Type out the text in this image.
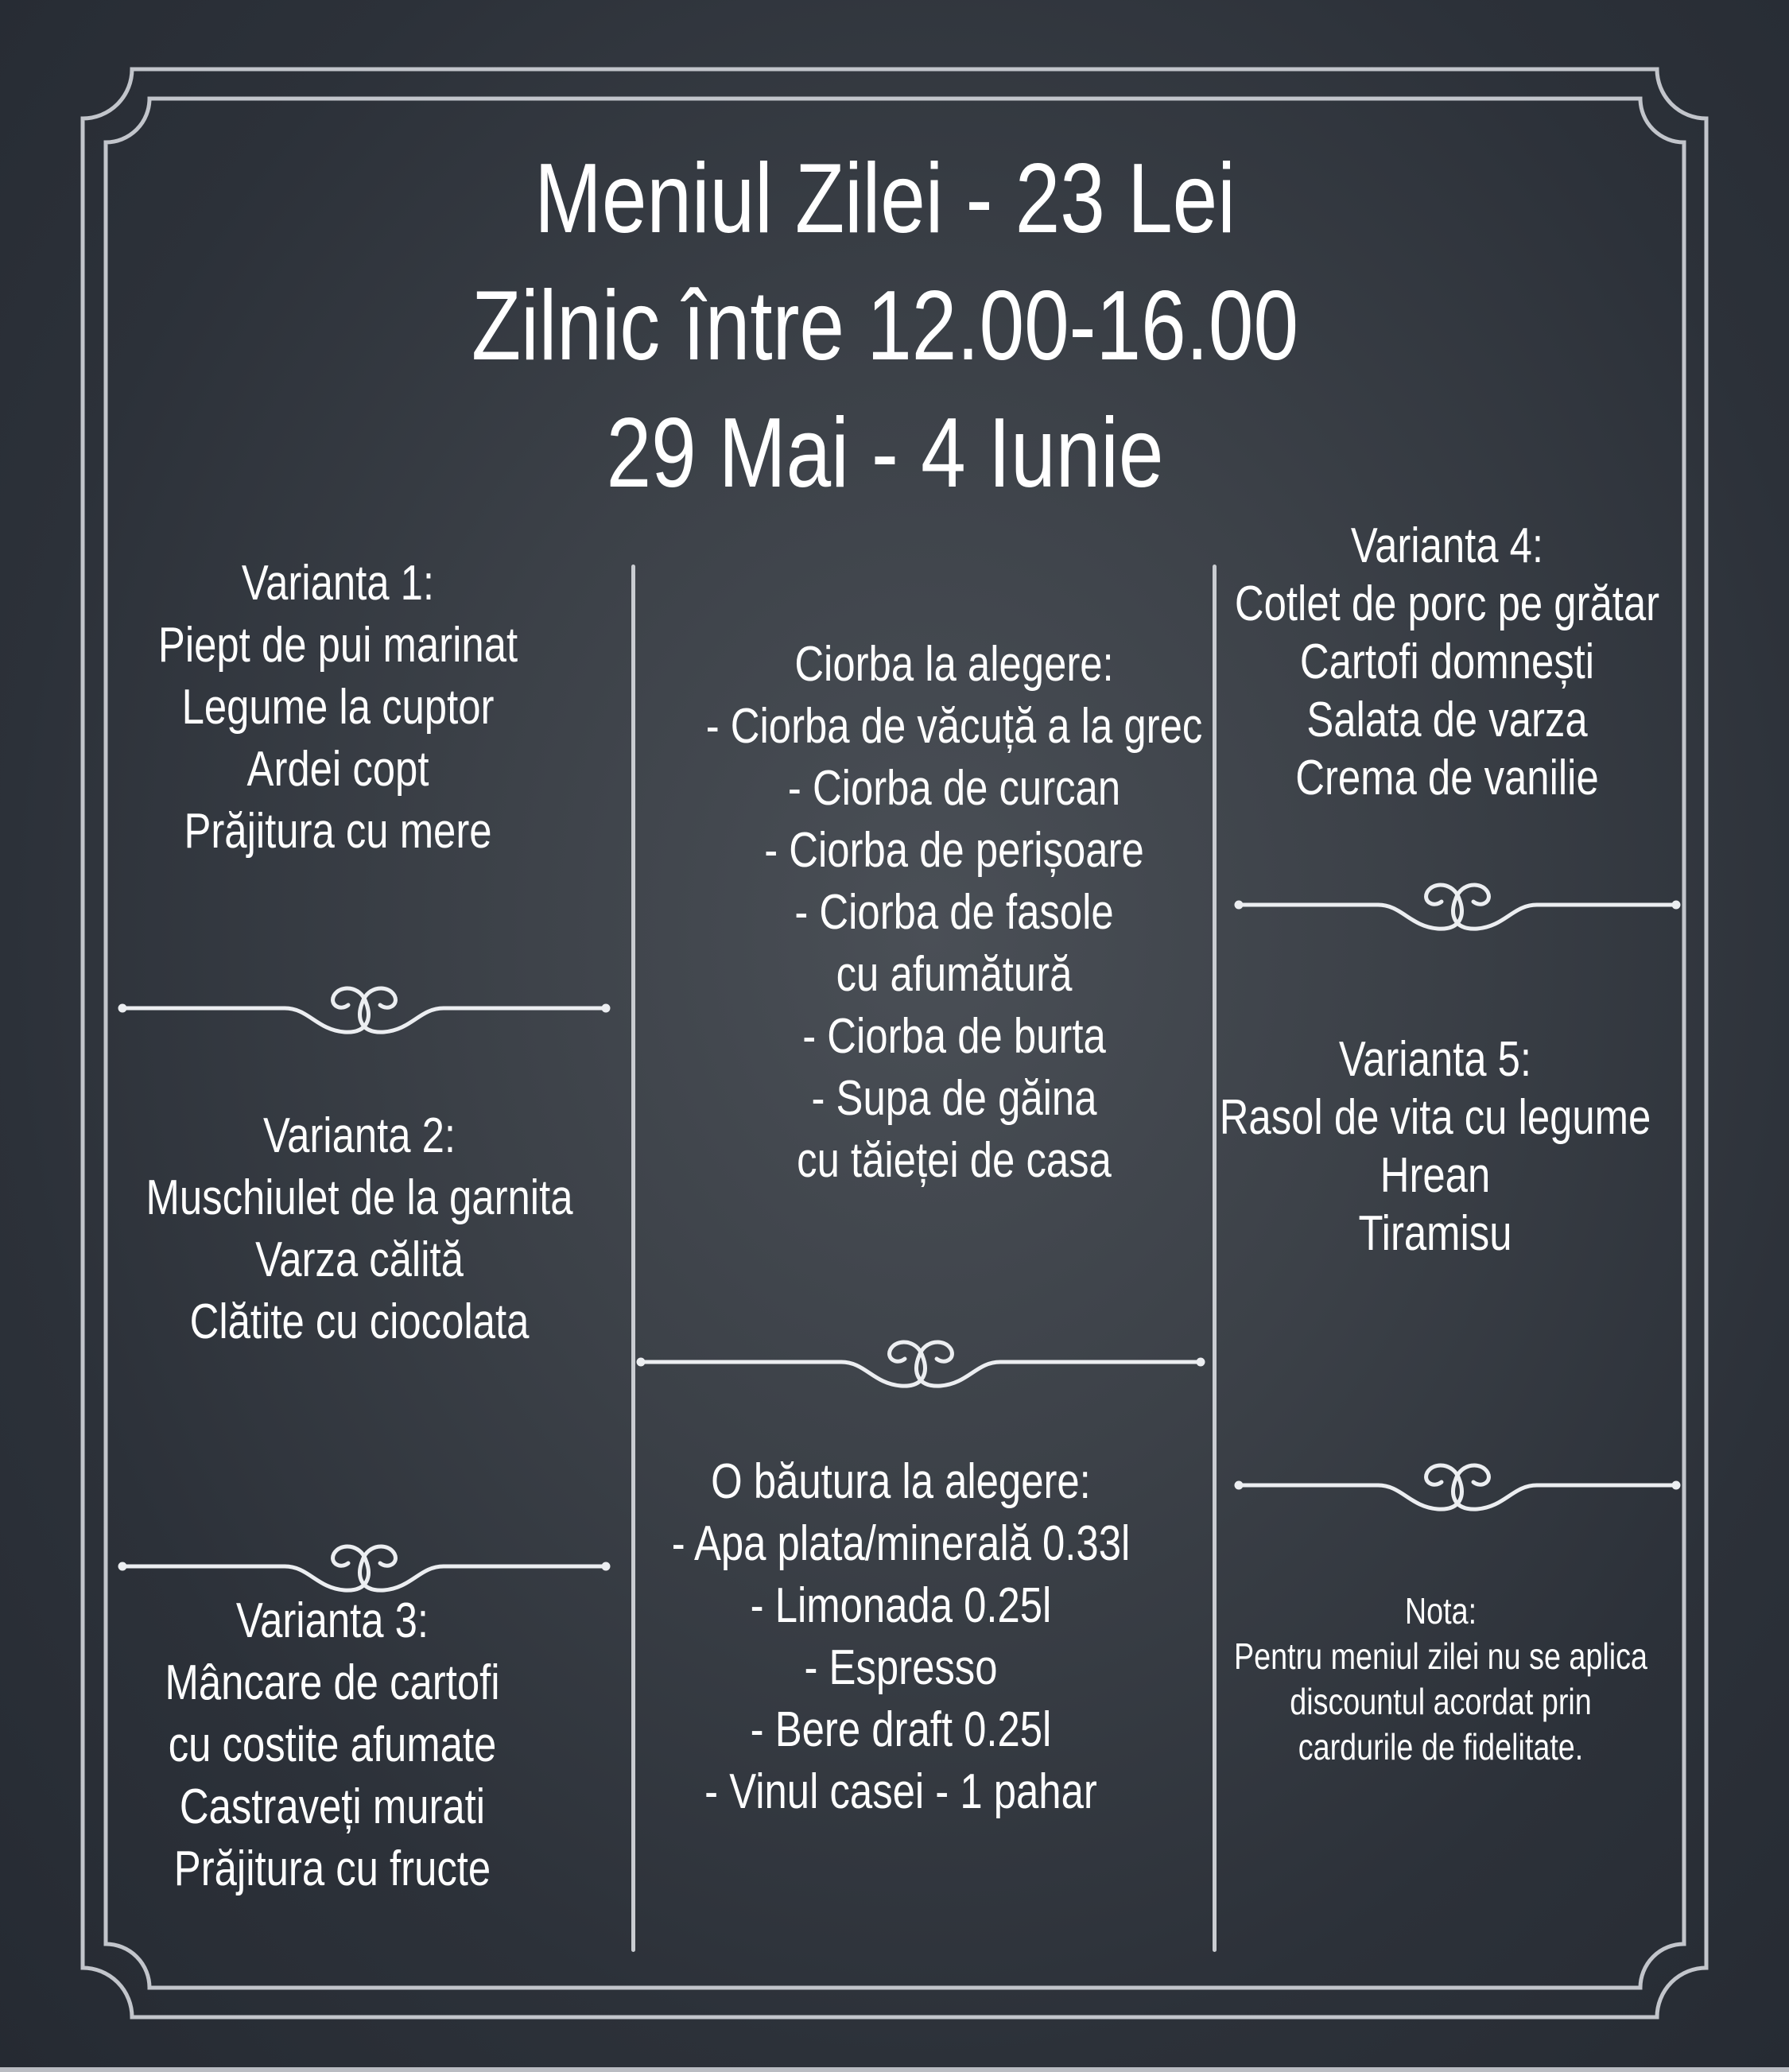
Meniul Zilei - 23 Lei
Zilnic între 12.00-16.00
29 Mai - 4 Iunie
Varianta 1:
Piept de pui marinat
Legume la cuptor
Ardei copt
Prăjitura cu mere
Varianta 2:
Muschiulet de la garnita
Varza călită
Clătite cu ciocolata
Varianta 3:
Mâncare de cartofi
cu costite afumate
Castraveți murati
Prăjitura cu fructe
Ciorba la alegere:
- Ciorba de văcuță a la grec
- Ciorba de curcan
- Ciorba de perișoare
- Ciorba de fasole
cu afumătură
- Ciorba de burta
- Supa de găina
cu tăieței de casa
O băutura la alegere:
- Apa plata/minerală 0.33l
- Limonada 0.25l
- Espresso
- Bere draft 0.25l
- Vinul casei - 1 pahar
Varianta 4:
Cotlet de porc pe grătar
Cartofi domnești
Salata de varza
Crema de vanilie
Varianta 5:
Rasol de vita cu legume
Hrean
Tiramisu
Nota:
Pentru meniul zilei nu se aplica
discountul acordat prin
cardurile de fidelitate.
